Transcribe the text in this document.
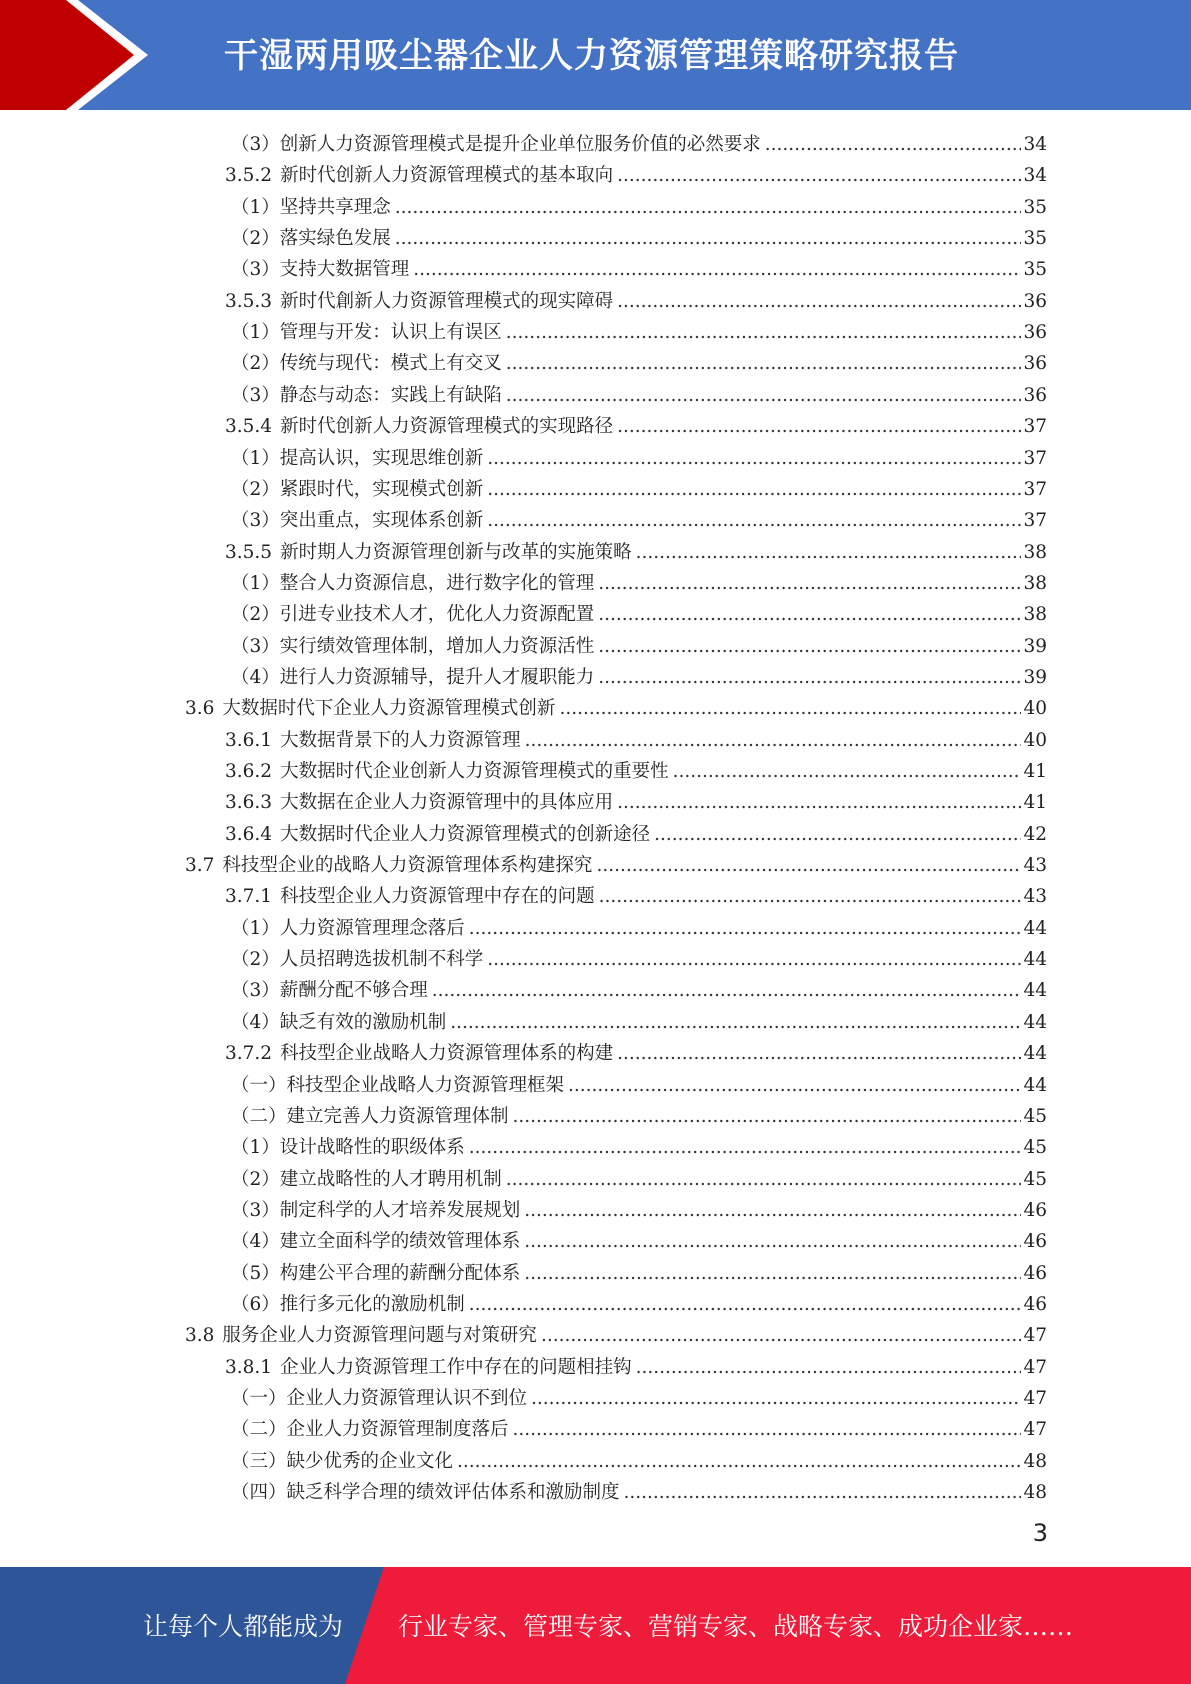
干湿两用吸尘器企业人力资源管理策略研究报告
（3）创新人力资源管理模式是提升企业单位服务价值的必然要求 .....	34
3.5.2 新时代创新人力资源管理模式的基本取向 .....	34
（1）坚持共享理念 .....	35
（2）落实绿色发展 .....	35
（3）支持大数据管理 .....	35
3.5.3 新时代創新人力资源管理模式的现实障碍 .....	36
（1）管理与开发：认识上有误区 .....	36
（2）传统与现代：模式上有交叉 .....	36
（3）静态与动态：实践上有缺陷 .....	36
3.5.4 新时代创新人力资源管理模式的实现路径 .....	37
（1）提高认识，实现思维创新 .....	37
（2）紧跟时代，实现模式创新 .....	37
（3）突出重点，实现体系创新 .....	37
3.5.5 新时期人力资源管理创新与改革的实施策略 .....	38
（1）整合人力资源信息，进行数字化的管理 .....	38
（2）引进专业技术人才，优化人力资源配置 .....	38
（3）实行绩效管理体制，增加人力资源活性 .....	39
（4）进行人力资源辅导，提升人才履职能力 .....	39
3.6 大数据时代下企业人力资源管理模式创新 .....	40
3.6.1 大数据背景下的人力资源管理 .....	40
3.6.2 大数据时代企业创新人力资源管理模式的重要性 .....	41
3.6.3 大数据在企业人力资源管理中的具体应用 .....	41
3.6.4 大数据时代企业人力资源管理模式的创新途径 .....	42
3.7 科技型企业的战略人力资源管理体系构建探究 .....	43
3.7.1 科技型企业人力资源管理中存在的问题 .....	43
（1）人力资源管理理念落后 .....	44
（2）人员招聘选拔机制不科学 .....	44
（3）薪酬分配不够合理 .....	44
（4）缺乏有效的激励机制 .....	44
3.7.2 科技型企业战略人力资源管理体系的构建 .....	44
（一）科技型企业战略人力资源管理框架 .....	44
（二）建立完善人力资源管理体制 .....	45
（1）设计战略性的职级体系 .....	45
（2）建立战略性的人才聘用机制 .....	45
（3）制定科学的人才培养发展规划 .....	46
（4）建立全面科学的绩效管理体系 .....	46
（5）构建公平合理的薪酬分配体系 .....	46
（6）推行多元化的激励机制 .....	46
3.8 服务企业人力资源管理问题与对策研究 .....	47
3.8.1 企业人力资源管理工作中存在的问题相挂钩 .....	47
（一）企业人力资源管理认识不到位 .....	47
（二）企业人力资源管理制度落后 .....	47
（三）缺少优秀的企业文化 .....	48
（四）缺乏科学合理的绩效评估体系和激励制度 .....	48
3
让每个人都能成为 行业专家、管理专家、营销专家、战略专家、成功企业家……
